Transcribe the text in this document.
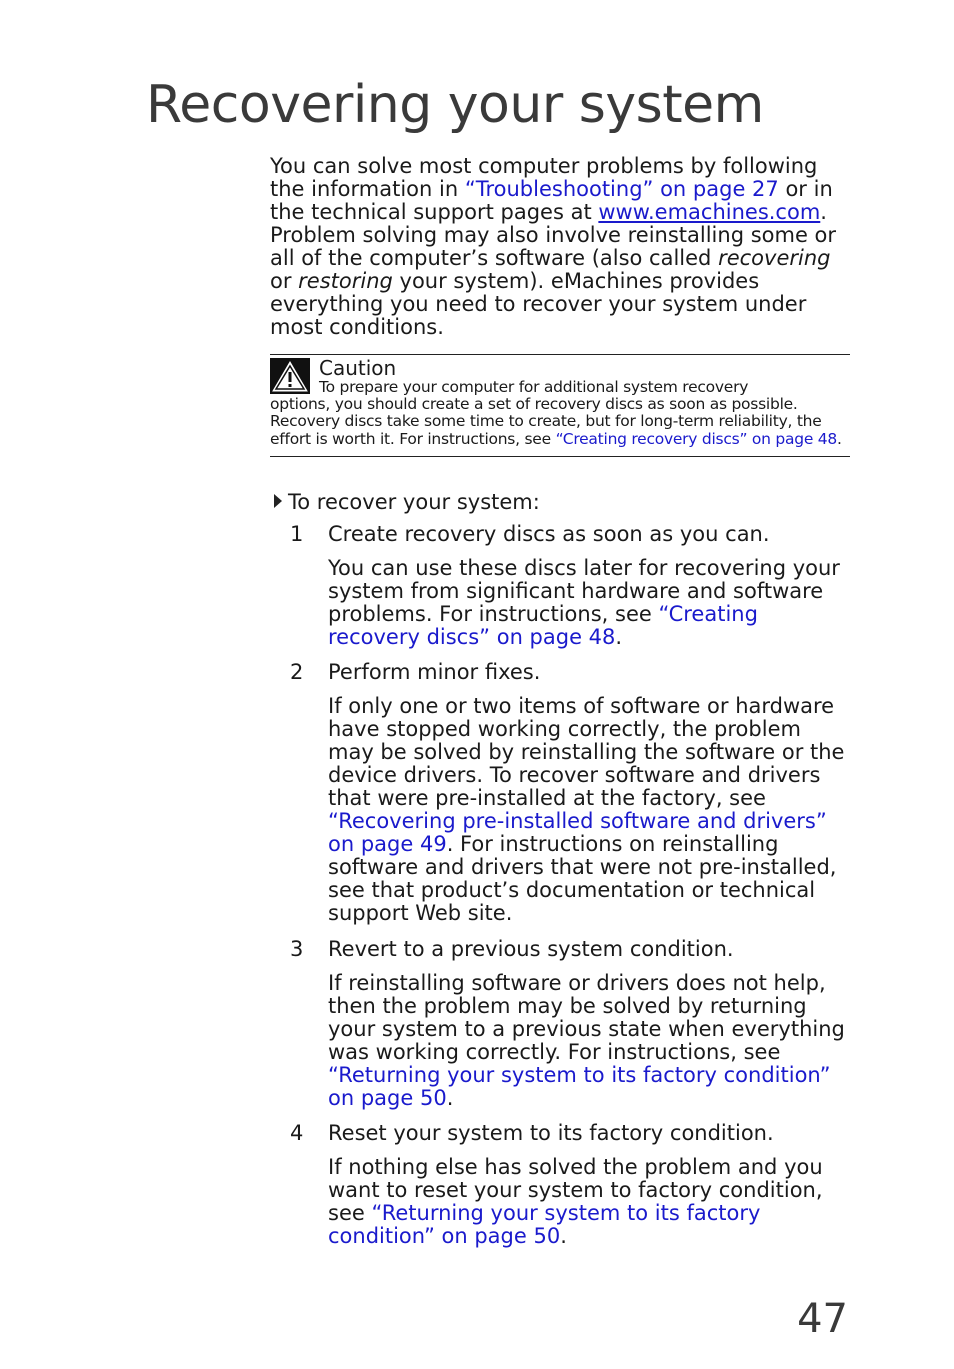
Recovering your system
You can solve most computer problems by following the information in “Troubleshooting” on page 27 or in the technical support pages at www.emachines.com. Problem solving may also involve reinstalling some or all of the computer’s software (also called recovering or restoring your system). eMachines provides everything you need to recover your system under most conditions.
Caution
To prepare your computer for additional system recovery
options, you should create a set of recovery discs as soon as possible. Recovery discs take some time to create, but for long-term reliability, the effort is worth it. For instructions, see “Creating recovery discs” on page 48.
To recover your system:
1 Create recovery discs as soon as you can.
You can use these discs later for recovering your system from significant hardware and software problems. For instructions, see “Creating recovery discs” on page 48.
2 Perform minor fixes.
If only one or two items of software or hardware have stopped working correctly, the problem may be solved by reinstalling the software or the device drivers. To recover software and drivers that were pre-installed at the factory, see “Recovering pre-installed software and drivers” on page 49. For instructions on reinstalling software and drivers that were not pre-installed, see that product’s documentation or technical support Web site.
3 Revert to a previous system condition.
If reinstalling software or drivers does not help, then the problem may be solved by returning your system to a previous state when everything was working correctly. For instructions, see “Returning your system to its factory condition” on page 50.
4 Reset your system to its factory condition.
If nothing else has solved the problem and you want to reset your system to factory condition, see “Returning your system to its factory condition” on page 50.
47
